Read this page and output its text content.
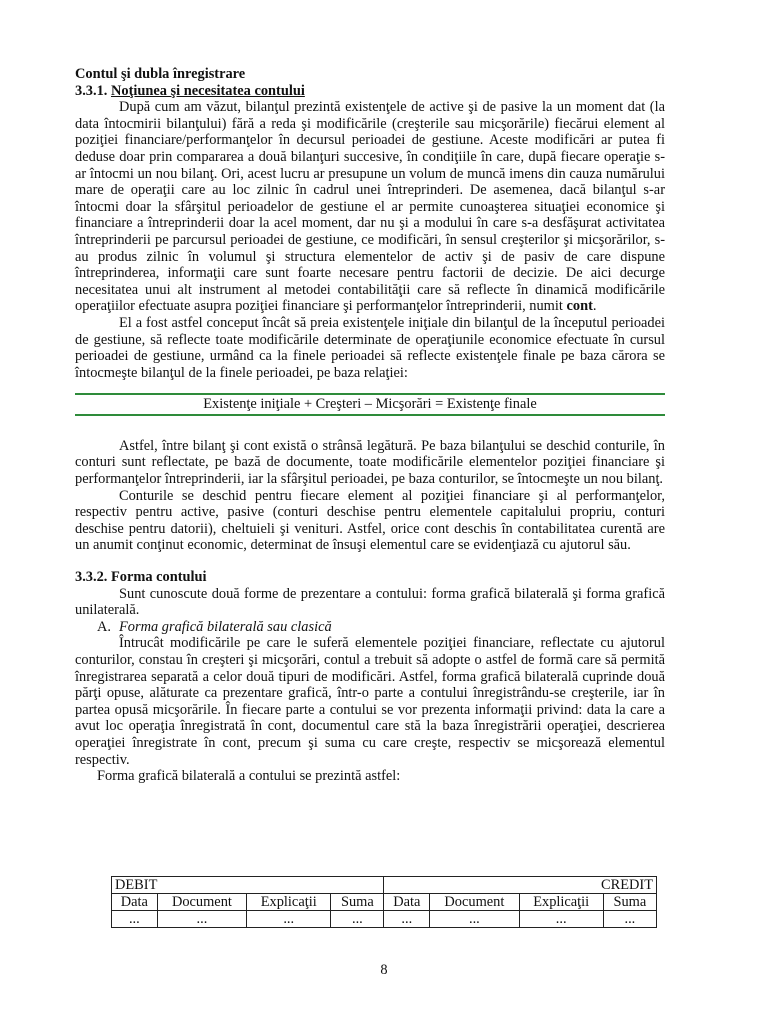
Contul şi dubla înregistrare
3.3.1. Noţiunea şi necesitatea contului

După cum am văzut, bilanţul prezintă existenţele de active şi de pasive la un moment dat (la data întocmirii bilanţului) fără a reda şi modificările (creşterile sau micşorările) fiecărui element al poziţiei financiare/performanţelor în decursul perioadei de gestiune. Aceste modificări ar putea fi deduse doar prin compararea a două bilanţuri succesive, în condiţiile în care, după fiecare operaţie s-ar întocmi un nou bilanţ. Ori, acest lucru ar presupune un volum de muncă imens din cauza numărului mare de operaţii care au loc zilnic în cadrul unei întreprinderi. De asemenea, dacă bilanţul s-ar întocmi doar la sfârşitul perioadelor de gestiune el ar permite cunoaşterea situaţiei economice şi financiare a întreprinderii doar la acel moment, dar nu şi a modului în care s-a desfăşurat activitatea întreprinderii pe parcursul perioadei de gestiune, ce modificări, în sensul creşterilor şi micşorărilor, s-au produs zilnic în volumul şi structura elementelor de activ şi de pasiv de care dispune întreprinderea, informaţii care sunt foarte necesare pentru factorii de decizie. De aici decurge necesitatea unui alt instrument al metodei contabilităţii care să reflecte în dinamică modificările operaţiilor efectuate asupra poziţiei financiare şi performanţelor întreprinderii, numit cont.

El a fost astfel conceput încât să preia existenţele iniţiale din bilanţul de la începutul perioadei de gestiune, să reflecte toate modificările determinate de operaţiunile economice efectuate în cursul perioadei de gestiune, urmând ca la finele perioadei să reflecte existenţele finale pe baza cărora se întocmeşte bilanţul de la finele perioadei, pe baza relaţiei:

Existenţe iniţiale + Creşteri – Micşorări = Existenţe finale

Astfel, între bilanţ şi cont există o strânsă legătură. Pe baza bilanţului se deschid conturile, în conturi sunt reflectate, pe bază de documente, toate modificările elementelor poziţiei financiare şi performanţelor întreprinderii, iar la sfârşitul perioadei, pe baza conturilor, se întocmeşte un nou bilanţ.

Conturile se deschid pentru fiecare element al poziţiei financiare şi al performanţelor, respectiv pentru active, pasive (conturi deschise pentru elementele capitalului propriu, conturi deschise pentru datorii), cheltuieli şi venituri. Astfel, orice cont deschis în contabilitatea curentă are un anumit conţinut economic, determinat de însuşi elementul care se evidenţiază cu ajutorul său.

3.3.2. Forma contului

Sunt cunoscute două forme de prezentare a contului: forma grafică bilaterală şi forma grafică unilaterală.

A. Forma grafică bilaterală sau clasică

Întrucât modificările pe care le suferă elementele poziţiei financiare, reflectate cu ajutorul conturilor, constau în creşteri şi micşorări, contul a trebuit să adopte o astfel de formă care să permită înregistrarea separată a celor două tipuri de modificări. Astfel, forma grafică bilaterală cuprinde două părţi opuse, alăturate ca prezentare grafică, într-o parte a contului înregistrându-se creşterile, iar în partea opusă micşorările. În fiecare parte a contului se vor prezenta informaţii privind: data la care a avut loc operaţia înregistrată în cont, documentul care stă la baza înregistrării operaţiei, descrierea operaţiei înregistrate în cont, precum şi suma cu care creşte, respectiv se micşorează elementul respectiv.

Forma grafică bilaterală a contului se prezintă astfel:
DEBIT				CREDIT			
Data	Document	Explicaţii	Suma	Data	Document	Explicaţii	Suma
...	...	...	...	...	...	...	...
8
